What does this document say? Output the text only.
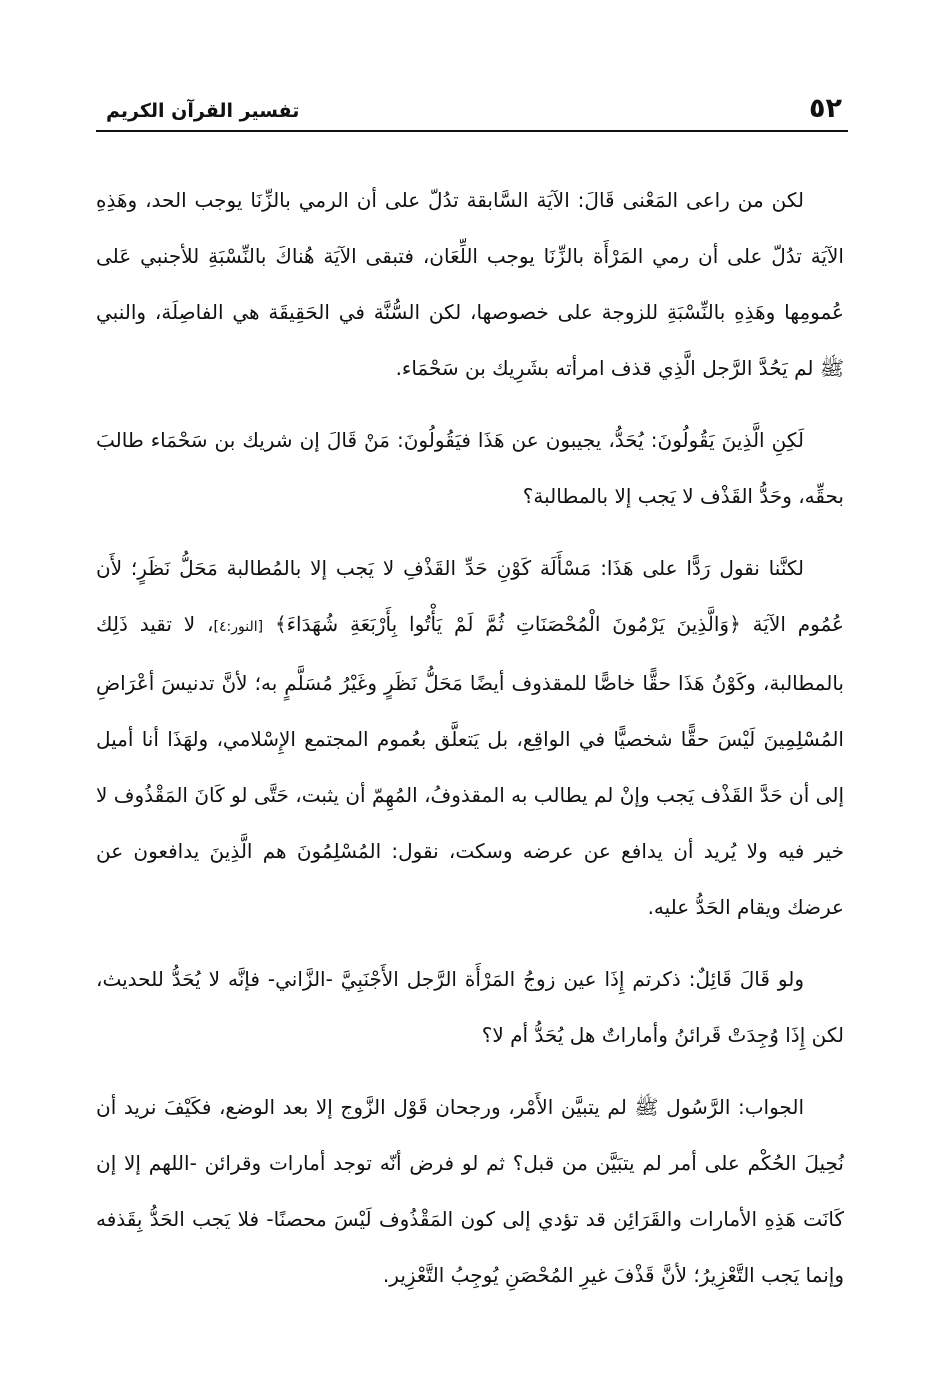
٥٢
تفسير القرآن الكريم

لكن من راعى المَعْنى قَالَ: الآيَة السَّابقة تدُلّ على أن الرمي بالزِّنَا يوجب الحد، وهَذِهِ الآيَة تدُلّ على أن رمي المَرْأَة بالزِّنَا يوجب اللِّعَان، فتبقى الآيَة هُناكَ بالنِّسْبَةِ للأجنبي عَلى عُمومِها وهَذِهِ بالنِّسْبَةِ للزوجة على خصوصها، لكن السُّنَّة في الحَقِيقَة هي الفاصِلَة، والنبي ﷺ لم يَحُدَّ الرَّجل الَّذِي قذف امرأته بشَرِيك بن سَحْمَاء.

لَكِنِ الَّذِينَ يَقُولُونَ: يُحَدُّ، يجيبون عن هَذَا فيَقُولُونَ: مَنْ قَالَ إن شريك بن سَحْمَاء طالبَ بحقِّه، وحَدُّ القَذْف لا يَجب إلا بالمطالبة؟

لكنَّنا نقول رَدًّا على هَذَا: مَسْأَلَة كَوْنِ حَدِّ القَذْفِ لا يَجب إلا بالمُطالبة مَحَلُّ نَظَرٍ؛ لأَن عُمُوم الآيَة ﴿وَالَّذِينَ يَرْمُونَ الْمُحْصَنَاتِ ثُمَّ لَمْ يَأْتُوا بِأَرْبَعَةِ شُهَدَاءَ﴾ [النور:٤]، لا تقيد ذَلِك بالمطالبة، وكَوْنُ هَذَا حقًّا خاصًّا للمقذوف أيضًا مَحَلُّ نَظَرٍ وغَيْرُ مُسَلَّمٍ به؛ لأنَّ تدنيسَ أعْرَاضِ المُسْلِمِينَ لَيْسَ حقًّا شخصيًّا في الواقِع، بل يَتعلَّق بعُموم المجتمع الإِسْلامي، ولهَذَا أنا أميل إلى أن حَدَّ القَذْف يَجب وإنْ لم يطالب به المقذوفُ، المُهِمّ أن يثبت، حَتَّى لو كَانَ المَقْذُوف لا خير فيه ولا يُريد أن يدافع عن عرضه وسكت، نقول: المُسْلِمُونَ هم الَّذِينَ يدافعون عن عرضك ويقام الحَدُّ عليه.

ولو قَالَ قَائِلٌ: ذكرتم إِذَا عين زوجُ المَرْأَة الرَّجل الأَجْنَبِيَّ -الزَّاني- فإنَّه لا يُحَدُّ للحديث، لكن إِذَا وُجِدَتْ قَرائنُ وأماراتٌ هل يُحَدُّ أم لا؟

الجواب: الرَّسُول ﷺ لم يتبيَّن الأَمْر، ورجحان قَوْل الزَّوج إلا بعد الوضع، فكَيْفَ نريد أن نُحِيلَ الحُكْم على أمر لم يتبَيَّن من قبل؟ ثم لو فرض أنّه توجد أمارات وقرائن -اللهم إلا إن كَانَت هَذِهِ الأمارات والقَرَائِن قد تؤدي إلى كون المَقْذُوف لَيْسَ محصنًا- فلا يَجب الحَدُّ بِقَذفه وإنما يَجب التَّعْزِيرُ؛ لأنَّ قَذْفَ غيرِ المُحْصَنِ يُوجِبُ التَّعْزِير.
